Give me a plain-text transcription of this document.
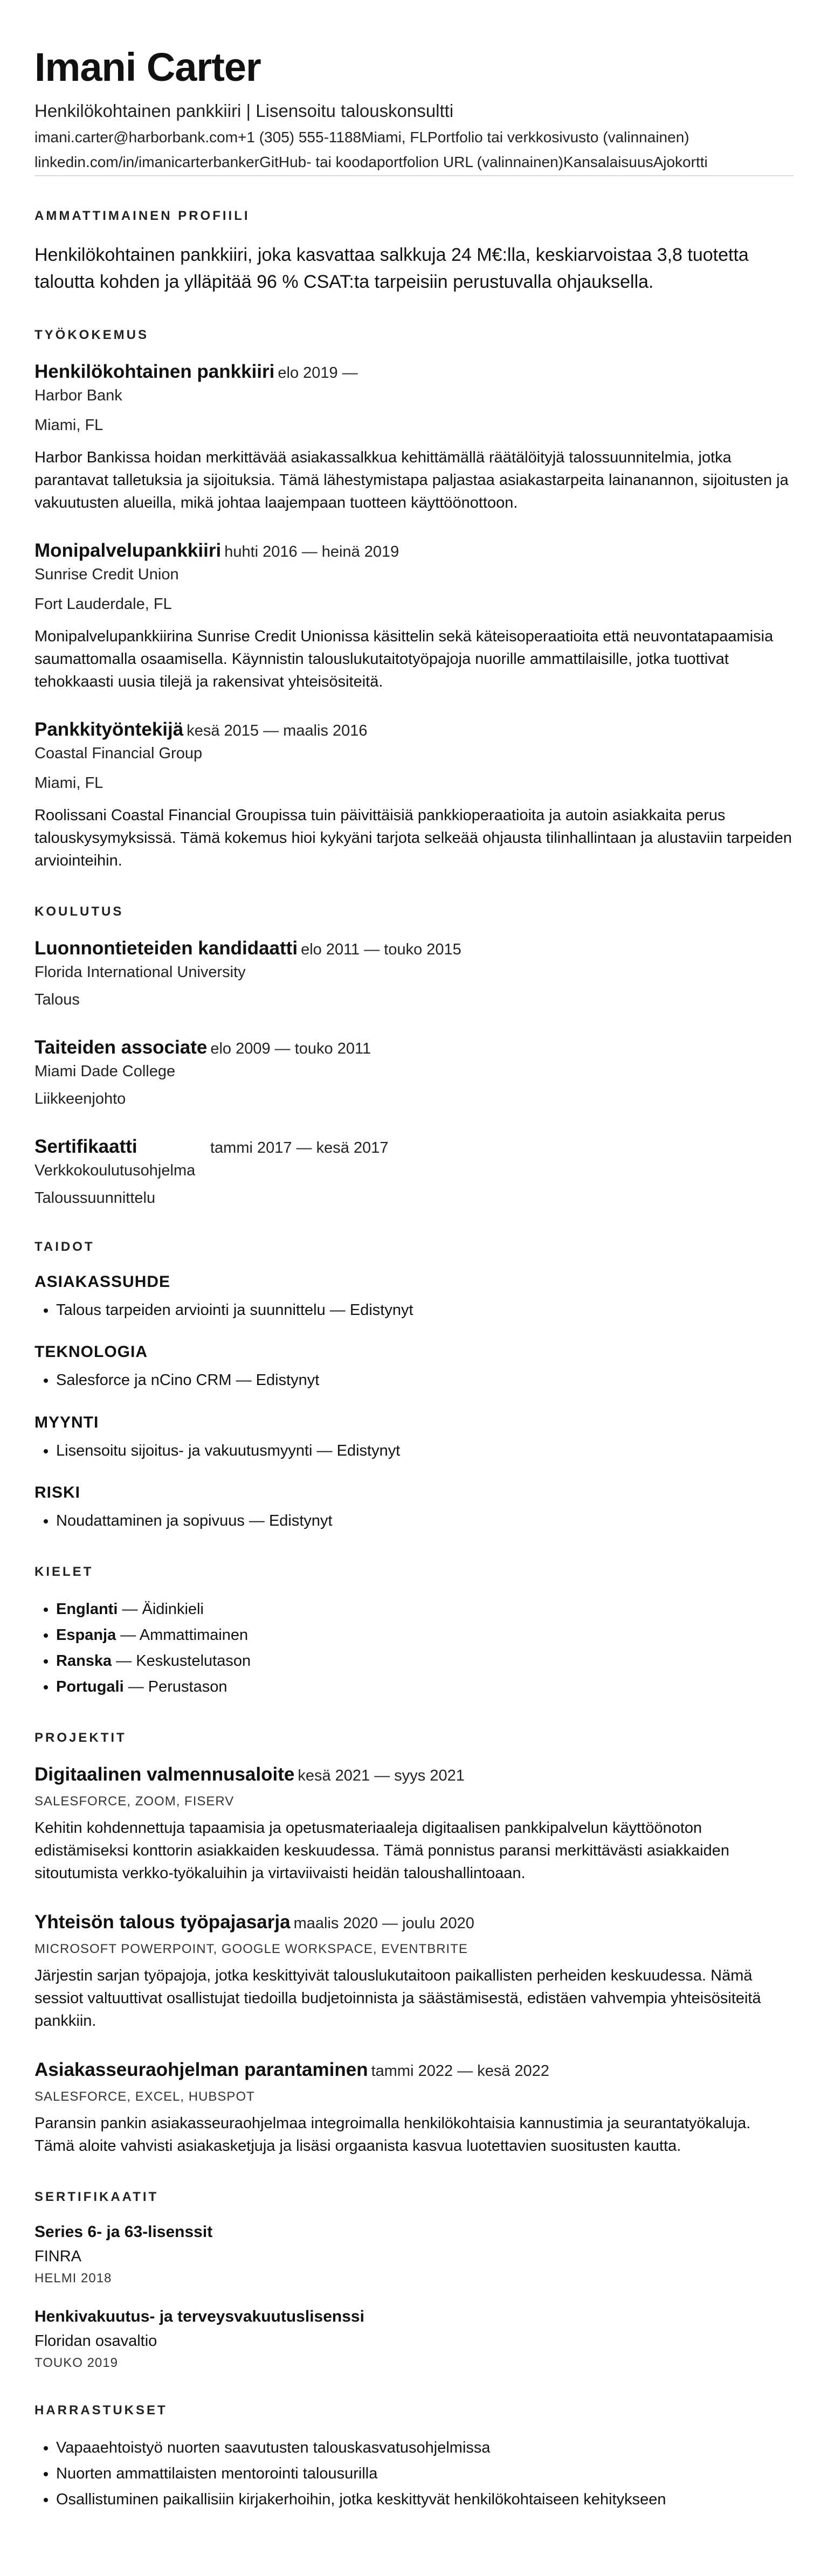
Imani Carter
Henkilökohtainen pankkiiri | Lisensoitu talouskonsultti
imani.carter@harborbank.com+1 (305) 555-1188Miami, FLPortfolio tai verkkosivusto (valinnainen)
linkedin.com/in/imanicarterbankerGitHub- tai koodaportfolion URL (valinnainen)KansalaisuusAjokortti
AMMATTIMAINEN PROFIILI
Henkilökohtainen pankkiiri, joka kasvattaa salkkuja 24 M€:lla, keskiarvoistaa 3,8 tuotetta taloutta kohden ja ylläpitää 96 % CSAT:ta tarpeisiin perustuvalla ohjauksella.
TYÖKOKEMUS
Henkilökohtainen pankkiiri elo 2019 —
Harbor Bank
Miami, FL
Harbor Bankissa hoidan merkittävää asiakassalkkua kehittämällä räätälöityjä talossuunnitelmia, jotka parantavat talletuksia ja sijoituksia. Tämä lähestymistapa paljastaa asiakastarpeita lainanannon, sijoitusten ja vakuutusten alueilla, mikä johtaa laajempaan tuotteen käyttöönottoon.
Monipalvelupankkiiri huhti 2016 — heinä 2019
Sunrise Credit Union
Fort Lauderdale, FL
Monipalvelupankkiirina Sunrise Credit Unionissa käsittelin sekä käteisoperaatioita että neuvontatapaamisia saumattomalla osaamisella. Käynnistin talouslukutaitotyöpajoja nuorille ammattilaisille, jotka tuottivat tehokkaasti uusia tilejä ja rakensivat yhteisösiteitä.
Pankkityöntekijä kesä 2015 — maalis 2016
Coastal Financial Group
Miami, FL
Roolissani Coastal Financial Groupissa tuin päivittäisiä pankkioperaatioita ja autoin asiakkaita perus talouskysymyksissä. Tämä kokemus hioi kykyäni tarjota selkeää ohjausta tilinhallintaan ja alustaviin tarpeiden arviointeihin.
KOULUTUS
Luonnontieteiden kandidaatti elo 2011 — touko 2015
Florida International University
Talous
Taiteiden associate elo 2009 — touko 2011
Miami Dade College
Liikkeenjohto
Sertifikaatti	tammi 2017 — kesä 2017
Verkkokoulutusohjelma
Taloussuunnittelu
TAIDOT
ASIAKASSUHDE
• Talous tarpeiden arviointi ja suunnittelu — Edistynyt
TEKNOLOGIA
• Salesforce ja nCino CRM — Edistynyt
MYYNTI
• Lisensoitu sijoitus- ja vakuutusmyynti — Edistynyt
RISKI
• Noudattaminen ja sopivuus — Edistynyt
KIELET
• Englanti — Äidinkieli
• Espanja — Ammattimainen
• Ranska — Keskustelutason
• Portugali — Perustason
PROJEKTIT
Digitaalinen valmennusaloite kesä 2021 — syys 2021
SALESFORCE, ZOOM, FISERV
Kehitin kohdennettuja tapaamisia ja opetusmateriaaleja digitaalisen pankkipalvelun käyttöönoton edistämiseksi konttorin asiakkaiden keskuudessa. Tämä ponnistus paransi merkittävästi asiakkaiden sitoutumista verkko-työkaluihin ja virtaviivaisti heidän taloushallintoaan.
Yhteisön talous työpajasarja maalis 2020 — joulu 2020
MICROSOFT POWERPOINT, GOOGLE WORKSPACE, EVENTBRITE
Järjestin sarjan työpajoja, jotka keskittyivät talouslukutaitoon paikallisten perheiden keskuudessa. Nämä sessiot valtuuttivat osallistujat tiedoilla budjetoinnista ja säästämisestä, edistäen vahvempia yhteisösiteitä pankkiin.
Asiakasseuraohjelman parantaminen tammi 2022 — kesä 2022
SALESFORCE, EXCEL, HUBSPOT
Paransin pankin asiakasseuraohjelmaa integroimalla henkilökohtaisia kannustimia ja seurantatyökaluja. Tämä aloite vahvisti asiakasketjuja ja lisäsi orgaanista kasvua luotettavien suositusten kautta.
SERTIFIKAATIT
Series 6- ja 63-lisenssit
FINRA
HELMI 2018
Henkivakuutus- ja terveysvakuutuslisenssi
Floridan osavaltio
TOUKO 2019
HARRASTUKSET
• Vapaaehtoistyö nuorten saavutusten talouskasvatusohjelmissa
• Nuorten ammattilaisten mentorointi talousurilla
• Osallistuminen paikallisiin kirjakerhoihin, jotka keskittyvät henkilökohtaiseen kehitykseen
